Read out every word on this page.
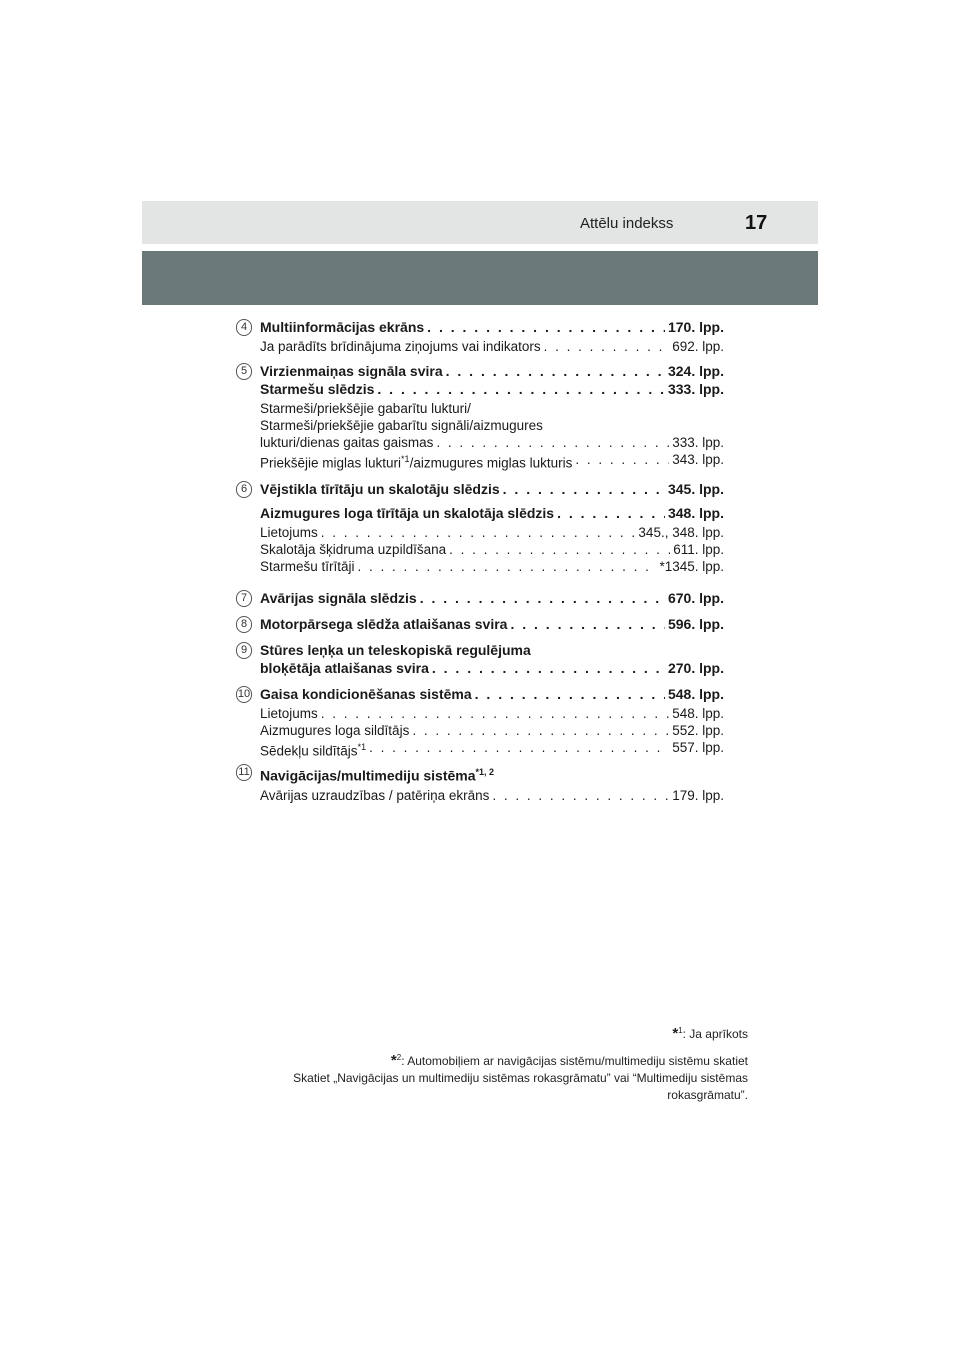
Attēlu indekss	17
4 Multiinformācijas ekrāns . . .	170. lpp.
Ja parādīts brīdinājuma ziņojums vai indikators . . .	692. lpp.
5 Virzienmaiņas signāla svira . . .	324. lpp.
Starmešu slēdzis . . .	333. lpp.
Starmeši/priekšējie gabarītu lukturi/
Starmeši/priekšējie gabarītu signāli/aizmugures
lukturi/dienas gaitas gaismas . . .	333. lpp.
Priekšējie miglas lukturi$^{*1}$/aizmugures miglas lukturis . . .	343. lpp.
6 Vējstikla tīrītāju un skalotāju slēdzis . . .	345. lpp.
Aizmugures loga tīrītāja un skalotāja slēdzis . . .	348. lpp.
Lietojums . . .	345., 348. lpp.
Skalotāja šķidruma uzpildīšana . . .	611. lpp.
Starmešu tīrītāji . . .	*1345. lpp.
7 Avārijas signāla slēdzis . . .	670. lpp.
8 Motorpārsega slēdža atlaišanas svira . . .	596. lpp.
9 Stūres leņķa un teleskopiskā regulējuma
bloķētāja atlaišanas svira . . .	270. lpp.
10 Gaisa kondicionēšanas sistēma . . .	548. lpp.
Lietojums . . .	548. lpp.
Aizmugures loga sildītājs . . .	552. lpp.
Sēdekļu sildītājs$^{*1}$ . . .	557. lpp.
11 Navigācijas/multimediju sistēma$^{*1, 2}$
Avārijas uzraudzības / patēriņa ekrāns . . .	179. lpp.
*$^1$: Ja aprīkots
*$^2$: Automobiļiem ar navigācijas sistēmu/multimediju sistēmu skatiet
Skatiet „Navigācijas un multimediju sistēmas rokasgrāmatu” vai “Multimediju sistēmas
rokasgrāmatu”.
